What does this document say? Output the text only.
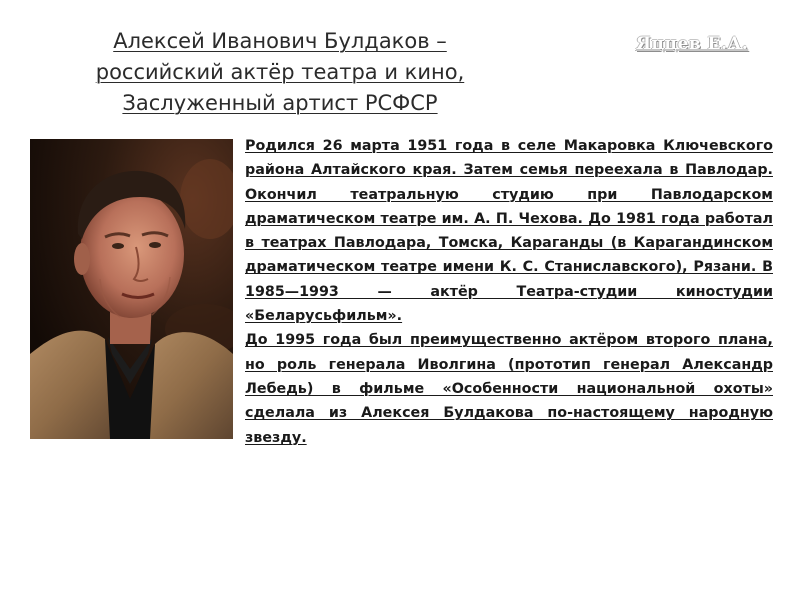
Алексей Иванович Булдаков –
российский актёр театра и кино,
Заслуженный артист РСФСР
Яццев Е.А.

Родился 26 марта 1951 года в селе Макаровка Ключевского района Алтайского края. Затем семья переехала в Павлодар. Окончил театральную студию при Павлодарском драматическом театре им. А. П. Чехова. До 1981 года работал в театрах Павлодара, Томска, Караганды (в Карагандинском драматическом театре имени К. С. Станиславского), Рязани. В 1985—1993 — актёр Театра-студии киностудии «Беларусьфильм».

До 1995 года был преимущественно актёром второго плана, но роль генерала Иволгина (прототип генерал Александр Лебедь) в фильме «Особенности национальной охоты» сделала из Алексея Булдакова по-настоящему народную звезду.
